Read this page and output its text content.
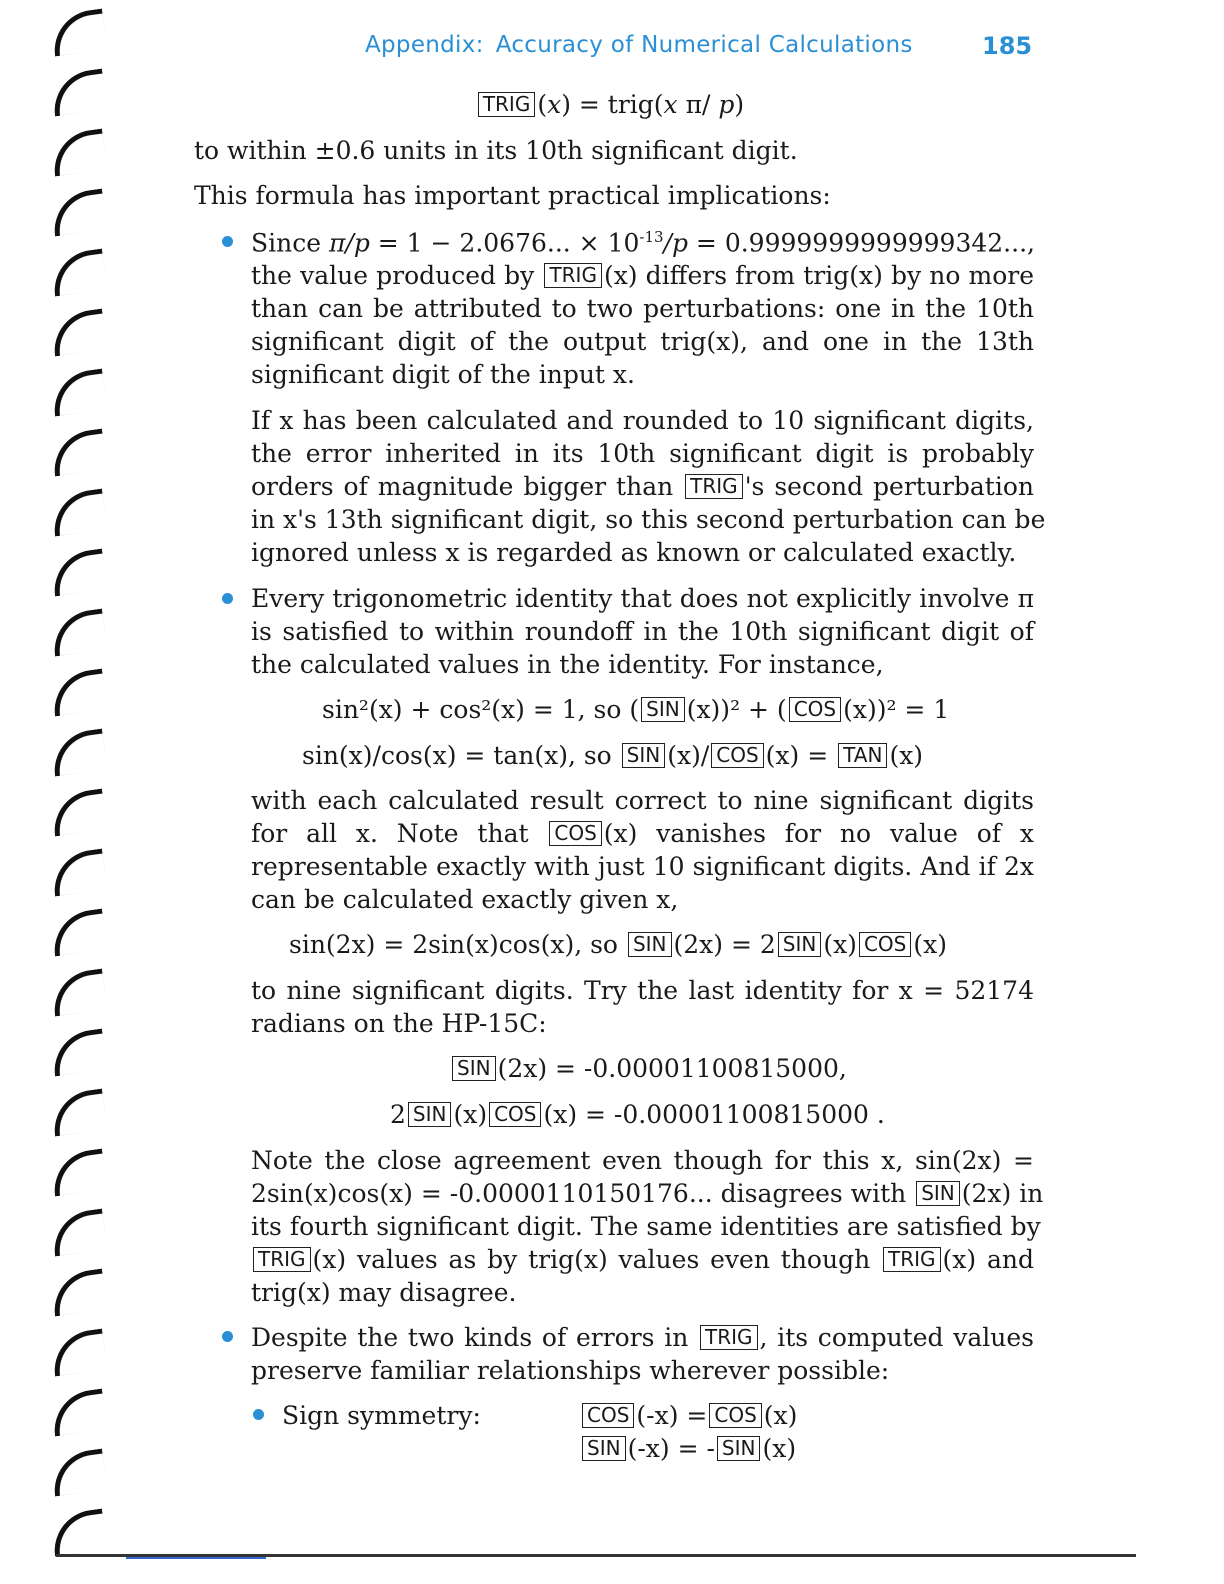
Appendix: Accuracy of Numerical Calculations	185
TRIG (x) = trig(x π/ p)
to within ±0.6 units in its 10th significant digit.
This formula has important practical implications:
Since π/p = 1 − 2.0676... × $10^{-13}/p = 0.9999999999999342$...,
the value produced by TRIG (x) differs from trig(x) by no more
than can be attributed to two perturbations: one in the 10th
significant digit of the output trig(x), and one in the 13th
significant digit of the input x.
If x has been calculated and rounded to 10 significant digits,
the error inherited in its 10th significant digit is probably
orders of magnitude bigger than TRIG 's second perturbation
in x's 13th significant digit, so this second perturbation can be
ignored unless x is regarded as known or calculated exactly.
Every trigonometric identity that does not explicitly involve π
is satisfied to within roundoff in the 10th significant digit of
the calculated values in the identity. For instance,
sin²(x) + cos²(x) = 1, so ( SIN (x))² + ( COS (x))² = 1
sin(x)/cos(x) = tan(x), so SIN (x)/ COS (x) = TAN (x)
with each calculated result correct to nine significant digits
for all x. Note that COS (x) vanishes for no value of x
representable exactly with just 10 significant digits. And if 2x
can be calculated exactly given x,
sin(2x) = 2sin(x)cos(x), so SIN (2x) = 2 SIN (x) COS (x)
to nine significant digits. Try the last identity for x = 52174
radians on the HP-15C:
SIN (2x) = -0.00001100815000,
2 SIN (x) COS (x) = -0.00001100815000 .
Note the close agreement even though for this x, sin(2x) =
2sin(x)cos(x) = -0.0000110150176... disagrees with SIN (2x) in
its fourth significant digit. The same identities are satisfied by
TRIG (x) values as by trig(x) values even though TRIG (x) and
trig(x) may disagree.
Despite the two kinds of errors in TRIG , its computed values
preserve familiar relationships wherever possible:
Sign symmetry:	COS (-x) = COS (x)
SIN (-x) = - SIN (x)
